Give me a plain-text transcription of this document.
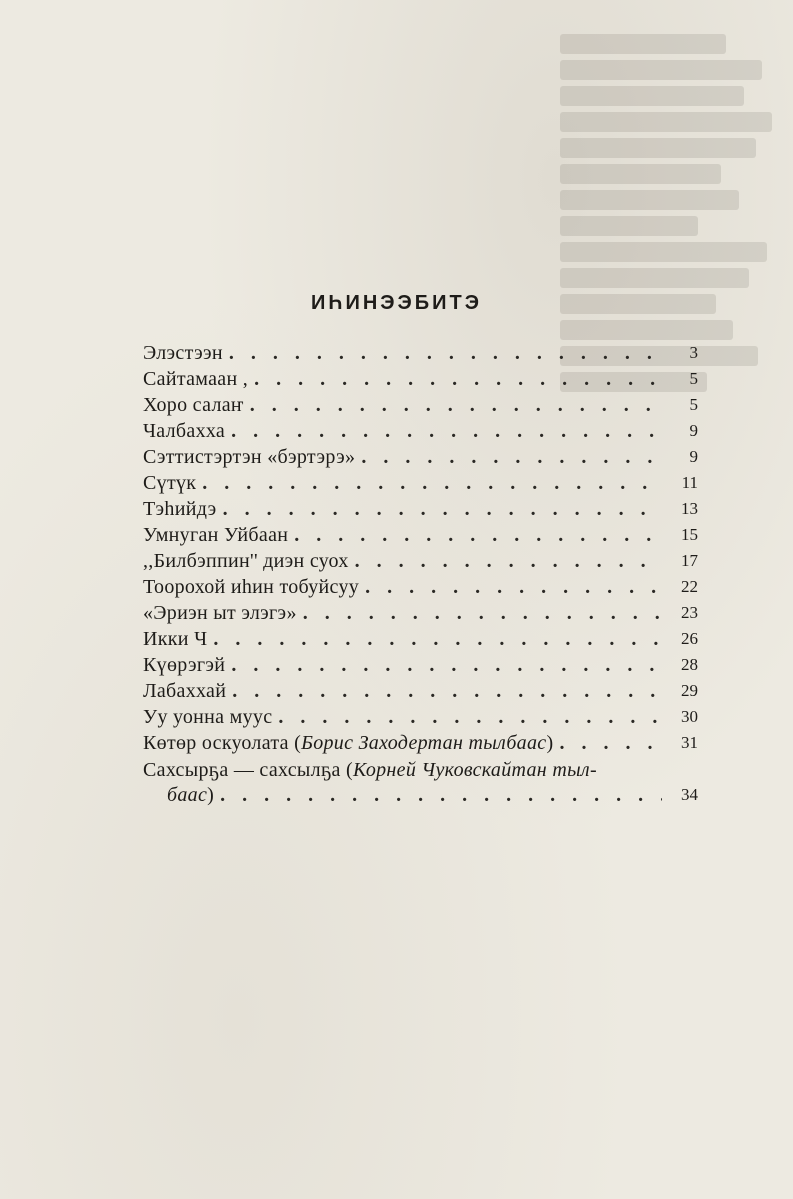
ИҺИНЭЭБИТЭ
Элэстээн . . .	3
Сайтамаан , . . .	5
Хоро салаҥ . . .	5
Чалбахха . . .	9
Сэттистэртэн «бэртэрэ» . . .	9
Сүтүк . . .	11
Тэһийдэ . . .	13
Умнуган Уйбаан . . .	15
,,Билбэппин'' диэн суох . . .	17
Тоорохой иһин тобуйсуу . . .	22
«Эриэн ыт элэгэ» . . .	23
Икки Ч . . .	26
Күөрэгэй . . .	28
Лабаххай . . .	29
Уу уонна муус . . .	30
Көтөр оскуолата (Борис Заходертан тылбаас) . . .	31
Сахсырҕа — сахсылҕа (Корней Чуковскайтан тыл-
баас) . . .	34
